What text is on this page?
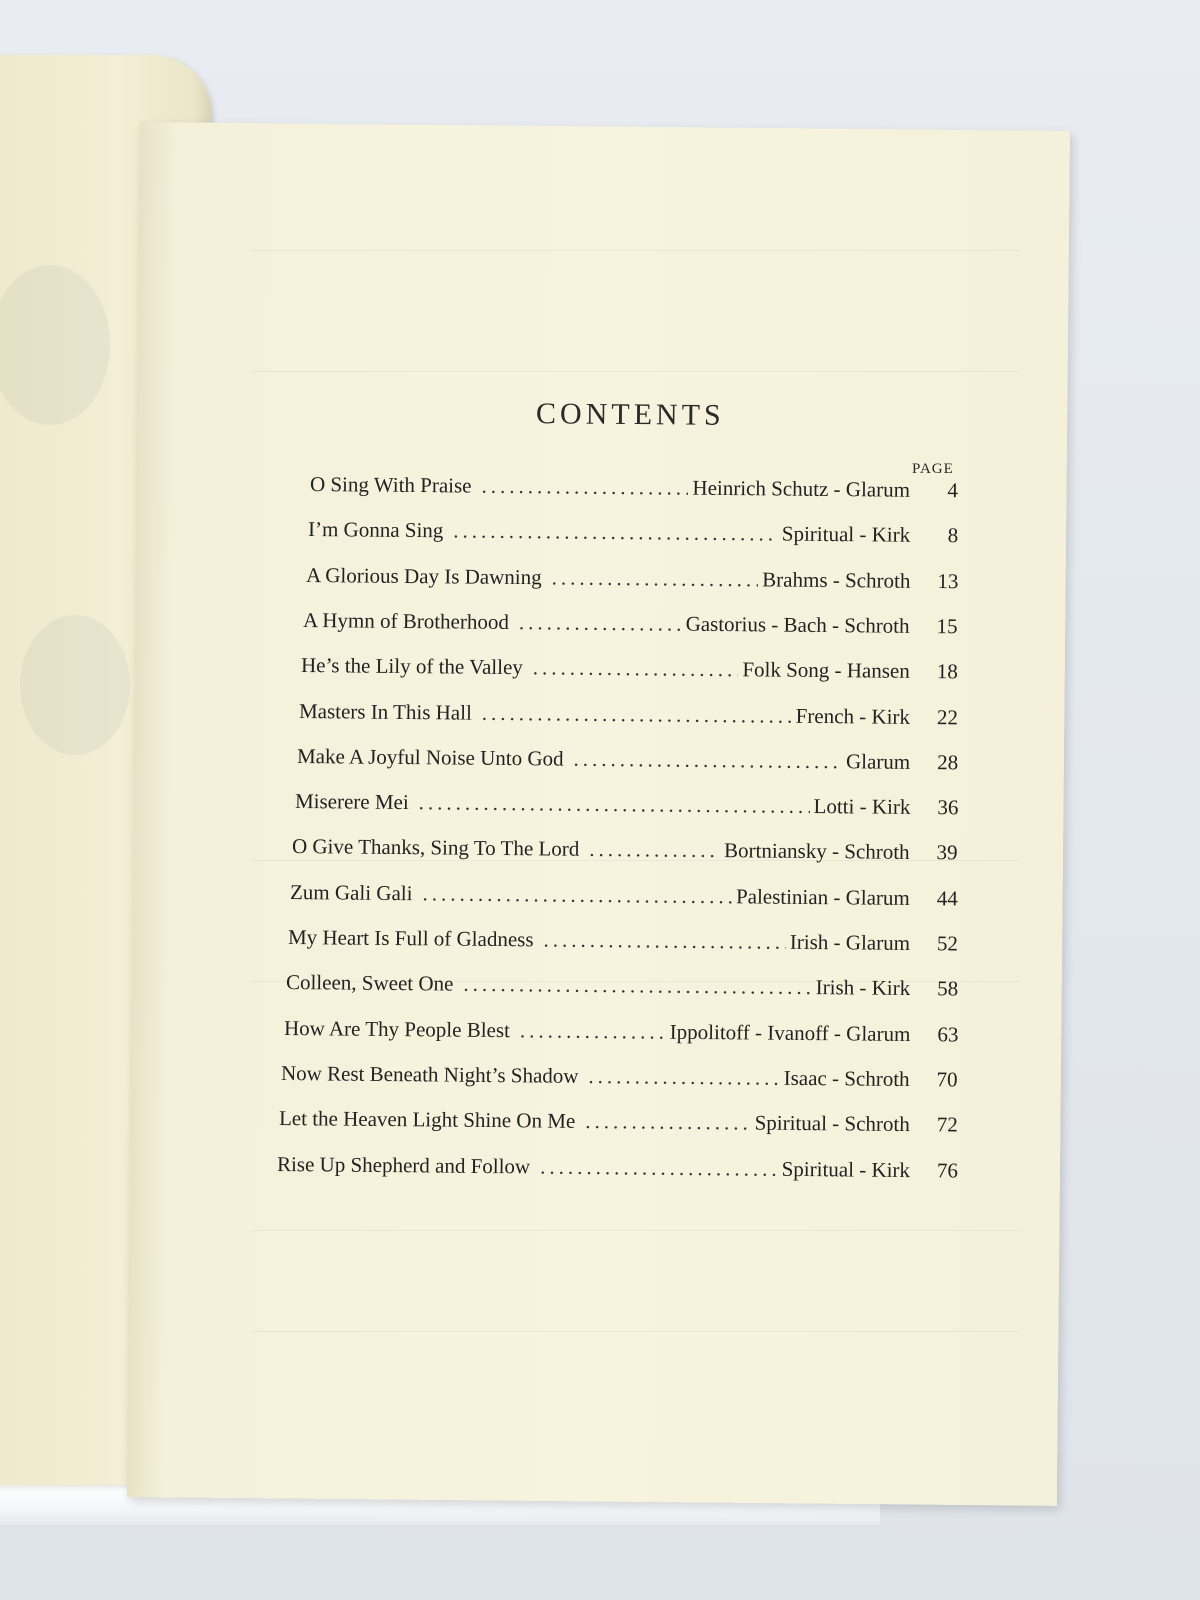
CONTENTS
PAGE
O Sing With Praise .....	Heinrich Schutz - Glarum	4
I’m Gonna Sing .....	Spiritual - Kirk	8
A Glorious Day Is Dawning .....	Brahms - Schroth	13
A Hymn of Brotherhood .....	Gastorius - Bach - Schroth	15
He’s the Lily of the Valley .....	Folk Song - Hansen	18
Masters In This Hall .....	French - Kirk	22
Make A Joyful Noise Unto God .....	Glarum	28
Miserere Mei .....	Lotti - Kirk	36
O Give Thanks, Sing To The Lord .....	Bortniansky - Schroth	39
Zum Gali Gali .....	Palestinian - Glarum	44
My Heart Is Full of Gladness .....	Irish - Glarum	52
Colleen, Sweet One .....	Irish - Kirk	58
How Are Thy People Blest .....	Ippolitoff - Ivanoff - Glarum	63
Now Rest Beneath Night’s Shadow .....	Isaac - Schroth	70
Let the Heaven Light Shine On Me .....	Spiritual - Schroth	72
Rise Up Shepherd and Follow .....	Spiritual - Kirk	76
